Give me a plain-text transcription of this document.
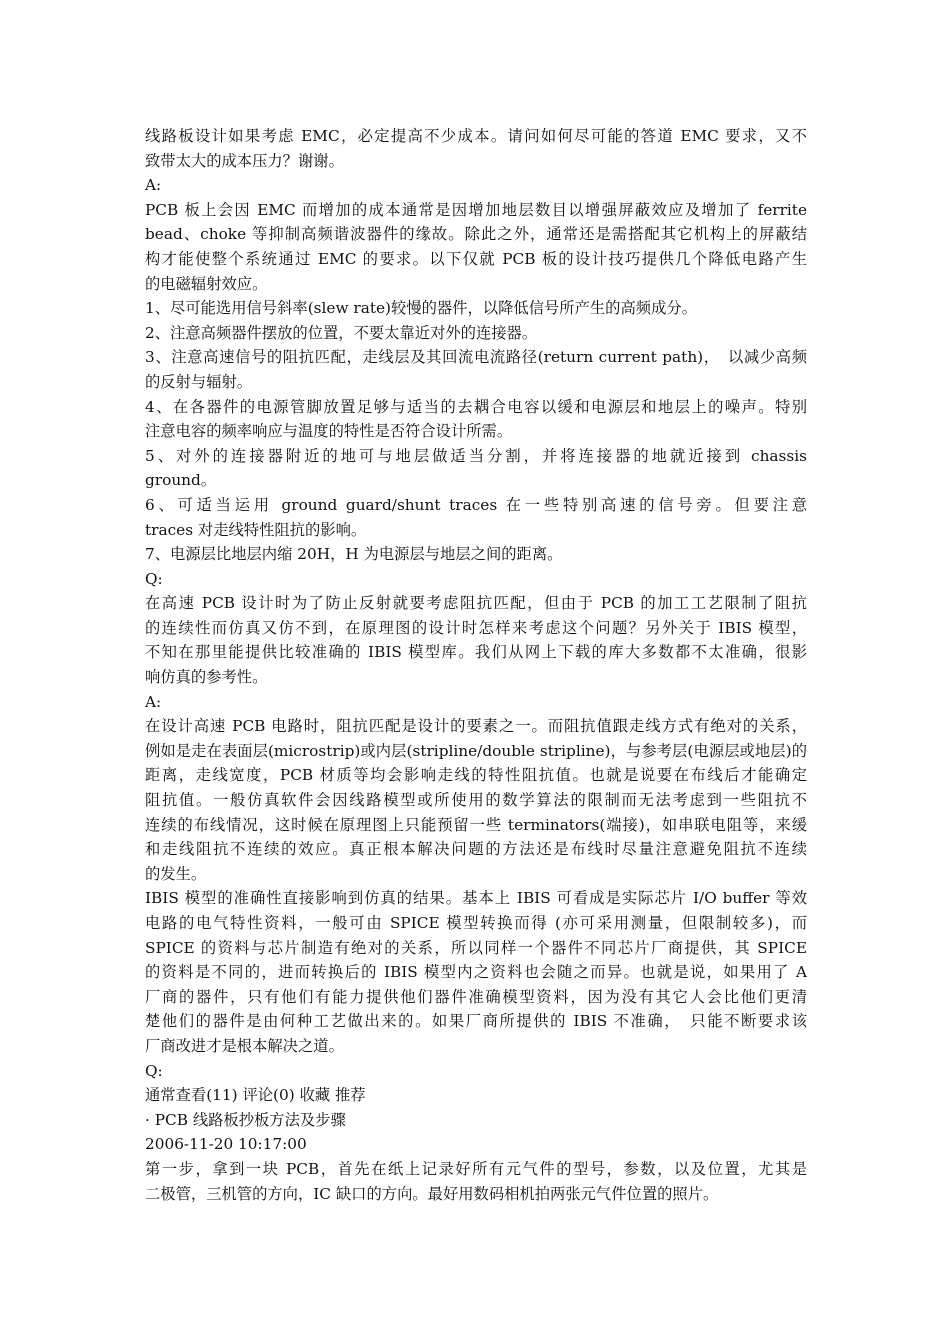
线路板设计如果考虑 EMC，必定提高不少成本。请问如何尽可能的答道 EMC 要求，又不
致带太大的成本压力？谢谢。
A:
PCB 板上会因 EMC 而增加的成本通常是因增加地层数目以增强屏蔽效应及增加了 ferrite
bead、choke 等抑制高频谐波器件的缘故。除此之外，通常还是需搭配其它机构上的屏蔽结
构才能使整个系统通过 EMC 的要求。以下仅就 PCB 板的设计技巧提供几个降低电路产生
的电磁辐射效应。
1、尽可能选用信号斜率(slew rate)较慢的器件，以降低信号所产生的高频成分。
2、注意高频器件摆放的位置，不要太靠近对外的连接器。
3、注意高速信号的阻抗匹配，走线层及其回流电流路径(return current path)，　以减少高频
的反射与辐射。
4、在各器件的电源管脚放置足够与适当的去耦合电容以缓和电源层和地层上的噪声。特别
注意电容的频率响应与温度的特性是否符合设计所需。
5、对外的连接器附近的地可与地层做适当分割，并将连接器的地就近接到 chassis
ground。
6、可适当运用 ground guard/shunt traces 在一些特别高速的信号旁。但要注意
traces 对走线特性阻抗的影响。
7、电源层比地层内缩 20H，H 为电源层与地层之间的距离。
Q:
在高速 PCB 设计时为了防止反射就要考虑阻抗匹配，但由于 PCB 的加工工艺限制了阻抗
的连续性而仿真又仿不到，在原理图的设计时怎样来考虑这个问题？另外关于 IBIS 模型，
不知在那里能提供比较准确的 IBIS 模型库。我们从网上下载的库大多数都不太准确，很影
响仿真的参考性。
A:
在设计高速 PCB 电路时，阻抗匹配是设计的要素之一。而阻抗值跟走线方式有绝对的关系，
例如是走在表面层(microstrip)或内层(stripline/double stripline)，与参考层(电源层或地层)的
距离，走线宽度，PCB 材质等均会影响走线的特性阻抗值。也就是说要在布线后才能确定
阻抗值。一般仿真软件会因线路模型或所使用的数学算法的限制而无法考虑到一些阻抗不
连续的布线情况，这时候在原理图上只能预留一些 terminators(端接)，如串联电阻等，来缓
和走线阻抗不连续的效应。真正根本解决问题的方法还是布线时尽量注意避免阻抗不连续
的发生。
IBIS 模型的准确性直接影响到仿真的结果。基本上 IBIS 可看成是实际芯片 I/O buffer 等效
电路的电气特性资料，一般可由 SPICE 模型转换而得 (亦可采用测量，但限制较多)，而
SPICE 的资料与芯片制造有绝对的关系，所以同样一个器件不同芯片厂商提供，其 SPICE
的资料是不同的，进而转换后的 IBIS 模型内之资料也会随之而异。也就是说，如果用了 A
厂商的器件，只有他们有能力提供他们器件准确模型资料，因为没有其它人会比他们更清
楚他们的器件是由何种工艺做出来的。如果厂商所提供的 IBIS 不准确，　只能不断要求该
厂商改进才是根本解决之道。
Q:
通常查看(11) 评论(0) 收藏 推荐
· PCB 线路板抄板方法及步骤
2006-11-20 10:17:00
第一步，拿到一块 PCB，首先在纸上记录好所有元气件的型号，参数，以及位置，尤其是
二极管，三机管的方向，IC 缺口的方向。最好用数码相机拍两张元气件位置的照片。
